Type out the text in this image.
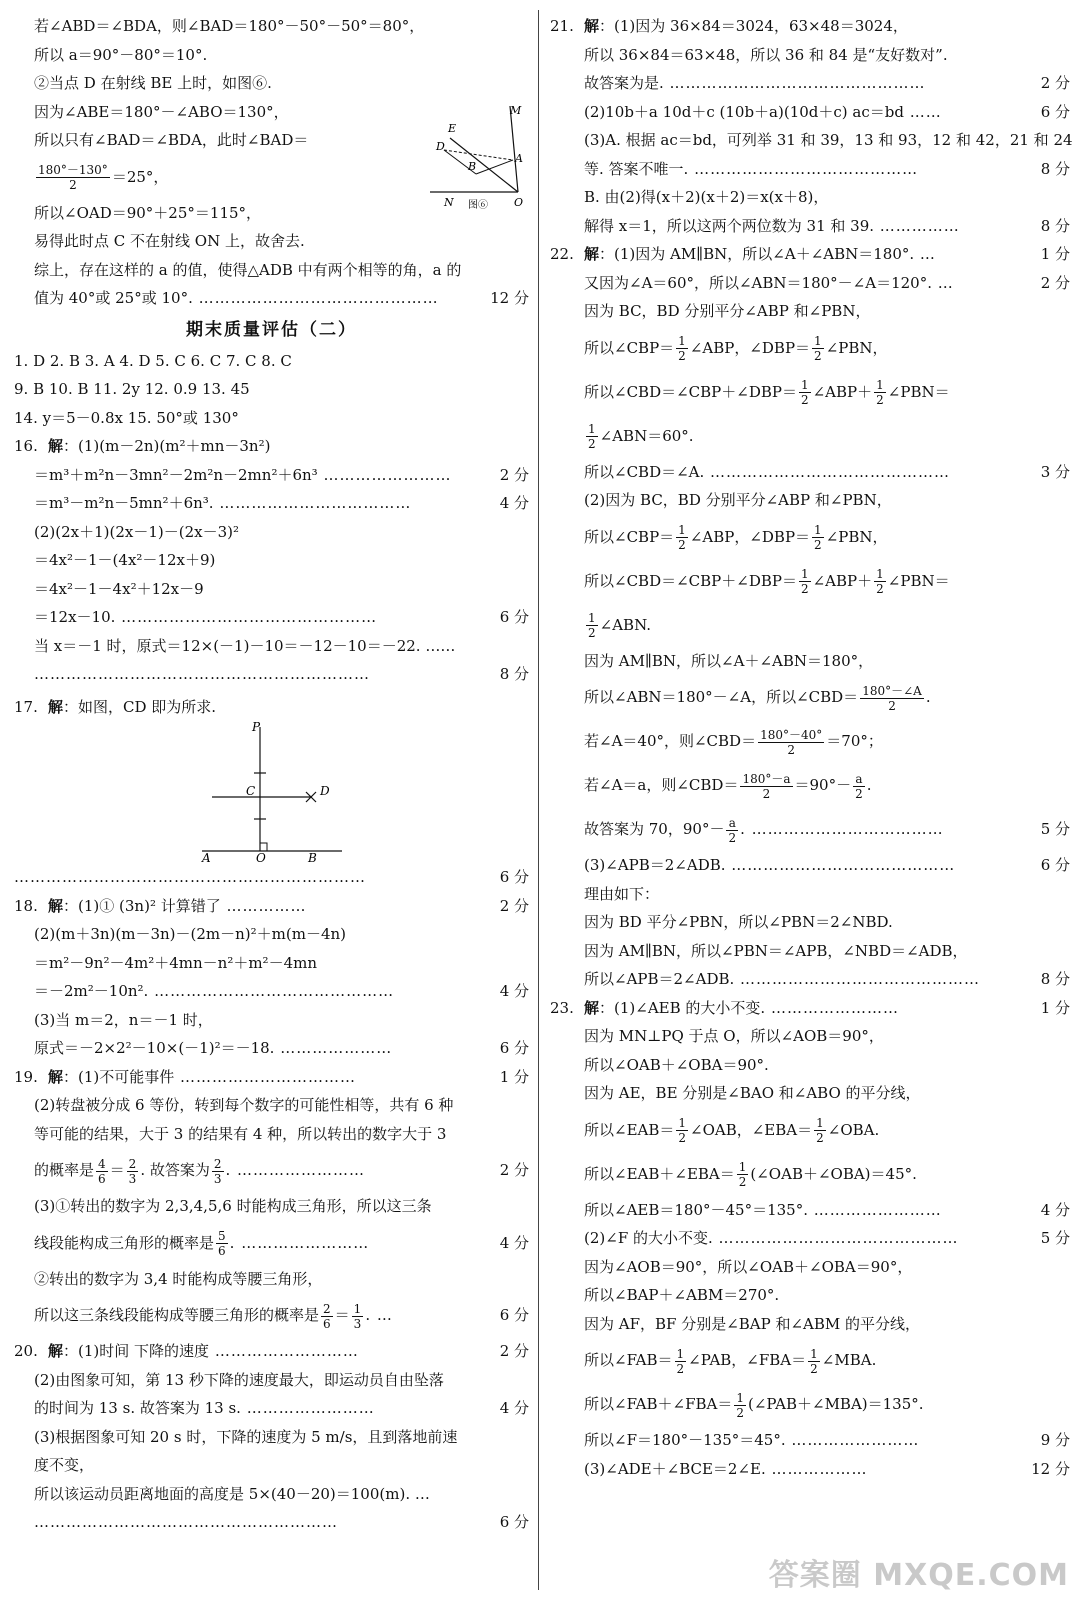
若∠ABD＝∠BDA，则∠BAD＝180°－50°－50°＝80°，
所以 a＝90°－80°＝10°.
②当点 D 在射线 BE 上时，如图⑥.
因为∠ABE＝180°－∠ABO＝130°，
所以只有∠BAD＝∠BDA，此时∠BAD＝
$\frac{180^\circ-130^\circ}{2} =25^\circ$，
所以∠OAD＝90°＋25°＝115°，
易得此时点 C 不在射线 ON 上，故舍去.
综上，存在这样的 a 的值，使得△ADB 中有两个相等的角，a 的
值为 40°或 25°或 10°. ………………………………………	12 分
E
D
B
A
M
N	O
图⑥
期末质量评估（二）
1. D 2. B 3. A 4. D 5. C 6. C 7. C 8. C
9. B 10. B 11. 2y 12. 0.9 13. 45
14. y＝5－0.8x 15. 50°或 130°
16. 解：(1)(m－2n)(m²＋mn－3n²)
＝m³＋m²n－3mn²－2m²n－2mn²＋6n³ ……………………	2 分
＝m³－m²n－5mn²＋6n³. ………………………………	4 分
(2)(2x＋1)(2x－1)－(2x－3)²
＝4x²－1－(4x²－12x＋9)
＝4x²－1－4x²＋12x－9
＝12x－10. …………………………………………	6 分
当 x＝－1 时，原式＝12×(－1)－10＝－12－10＝－22. ……
………………………………………………………	8 分
17. 解：如图，CD 即为所求.
P
C	D
A	O	B
…………………………………………………………	6 分
18. 解：(1)① (3n)² 计算错了 ……………	2 分
(2)(m＋3n)(m－3n)－(2m－n)²＋m(m－4n)
＝m²－9n²－4m²＋4mn－n²＋m²－4mn
＝－2m²－10n². ………………………………………	4 分
(3)当 m＝2，n＝－1 时，
原式＝－2×2²－10×(－1)²＝－18. …………………	6 分
19. 解：(1)不可能事件 ……………………………	1 分
(2)转盘被分成 6 等份，转到每个数字的可能性相等，共有 6 种
等可能的结果，大于 3 的结果有 4 种，所以转出的数字大于 3
的概率是 $\frac{4}{6} = \frac{2}{3}$ . 故答案为 $\frac{2}{3}$ . ……………………	2 分
(3)①转出的数字为 2,3,4,5,6 时能构成三角形，所以这三条
线段能构成三角形的概率是 $\frac{5}{6}$ . ……………………	4 分
②转出的数字为 3,4 时能构成等腰三角形，
所以这三条线段能构成等腰三角形的概率是 $\frac{2}{6} = \frac{1}{3}$ . …	6 分
20. 解：(1)时间 下降的速度 ………………………	2 分
(2)由图象可知，第 13 秒下降的速度最大，即运动员自由坠落
的时间为 13 s. 故答案为 13 s. ……………………	4 分
(3)根据图象可知 20 s 时，下降的速度为 5 m/s，且到落地前速
度不变，
所以该运动员距离地面的高度是 5×(40－20)＝100(m). …
…………………………………………………	6 分
21. 解：(1)因为 36×84＝3024，63×48＝3024，
所以 36×84＝63×48，所以 36 和 84 是“友好数对”.
故答案为是. …………………………………………	2 分
(2)10b＋a 10d＋c (10b＋a)(10d＋c) ac＝bd ……	6 分
(3)A. 根据 ac＝bd，可列举 31 和 39，13 和 93，12 和 42，21 和 24
等. 答案不唯一. ……………………………………	8 分
B. 由(2)得(x＋2)(x＋2)＝x(x＋8)，
解得 x＝1，所以这两个两位数为 31 和 39. ……………	8 分
22. 解：(1)因为 AM∥BN，所以∠A＋∠ABN＝180°. …	1 分
又因为∠A＝60°，所以∠ABN＝180°－∠A＝120°. …	2 分
因为 BC，BD 分别平分∠ABP 和∠PBN，
所以∠CBP＝ $\frac{1}{2}$ ∠ABP，∠DBP＝ $\frac{1}{2}$ ∠PBN，
所以∠CBD＝∠CBP＋∠DBP＝ $\frac{1}{2}$ ∠ABP＋ $\frac{1}{2}$ ∠PBN＝
$\frac{1}{2}$ ∠ABN＝60°.
所以∠CBD＝∠A. ………………………………………	3 分
(2)因为 BC，BD 分别平分∠ABP 和∠PBN，
所以∠CBP＝ $\frac{1}{2}$ ∠ABP，∠DBP＝ $\frac{1}{2}$ ∠PBN，
所以∠CBD＝∠CBP＋∠DBP＝ $\frac{1}{2}$ ∠ABP＋ $\frac{1}{2}$ ∠PBN＝
$\frac{1}{2}$ ∠ABN.
因为 AM∥BN，所以∠A＋∠ABN＝180°，
所以∠ABN＝180°－∠A，所以∠CBD＝ $\frac{180^\circ-\angle A}{2}$ .
若∠A＝40°，则∠CBD＝ $\frac{180^\circ-40^\circ}{2} =70^\circ$；
若∠A＝a，则∠CBD＝ $\frac{180^\circ-a}{2} =90^\circ- \frac{a}{2}$ .
故答案为 70，$90^\circ- \frac{a}{2}$ . ………………………………	5 分
(3)∠APB＝2∠ADB. ……………………………………	6 分
理由如下：
因为 BD 平分∠PBN，所以∠PBN＝2∠NBD.
因为 AM∥BN，所以∠PBN＝∠APB，∠NBD＝∠ADB，
所以∠APB＝2∠ADB. ………………………………………	8 分
23. 解：(1)∠AEB 的大小不变. ……………………	1 分
因为 MN⊥PQ 于点 O，所以∠AOB＝90°，
所以∠OAB＋∠OBA＝90°.
因为 AE，BE 分别是∠BAO 和∠ABO 的平分线，
所以∠EAB＝ $\frac{1}{2}$ ∠OAB，∠EBA＝ $\frac{1}{2}$ ∠OBA.
所以∠EAB＋∠EBA＝ $\frac{1}{2}$ (∠OAB＋∠OBA)＝45°.
所以∠AEB＝180°－45°＝135°. ……………………	4 分
(2)∠F 的大小不变. ………………………………………	5 分
因为∠AOB＝90°，所以∠OAB＋∠OBA＝90°，
所以∠BAP＋∠ABM＝270°.
因为 AF，BF 分别是∠BAP 和∠ABM 的平分线，
所以∠FAB＝ $\frac{1}{2}$ ∠PAB，∠FBA＝ $\frac{1}{2}$ ∠MBA.
所以∠FAB＋∠FBA＝ $\frac{1}{2}$ (∠PAB＋∠MBA)＝135°.
所以∠F＝180°－135°＝45°. ……………………	9 分
(3)∠ADE＋∠BCE＝2∠E. ………………	12 分
答案圈 MXQE.COM
